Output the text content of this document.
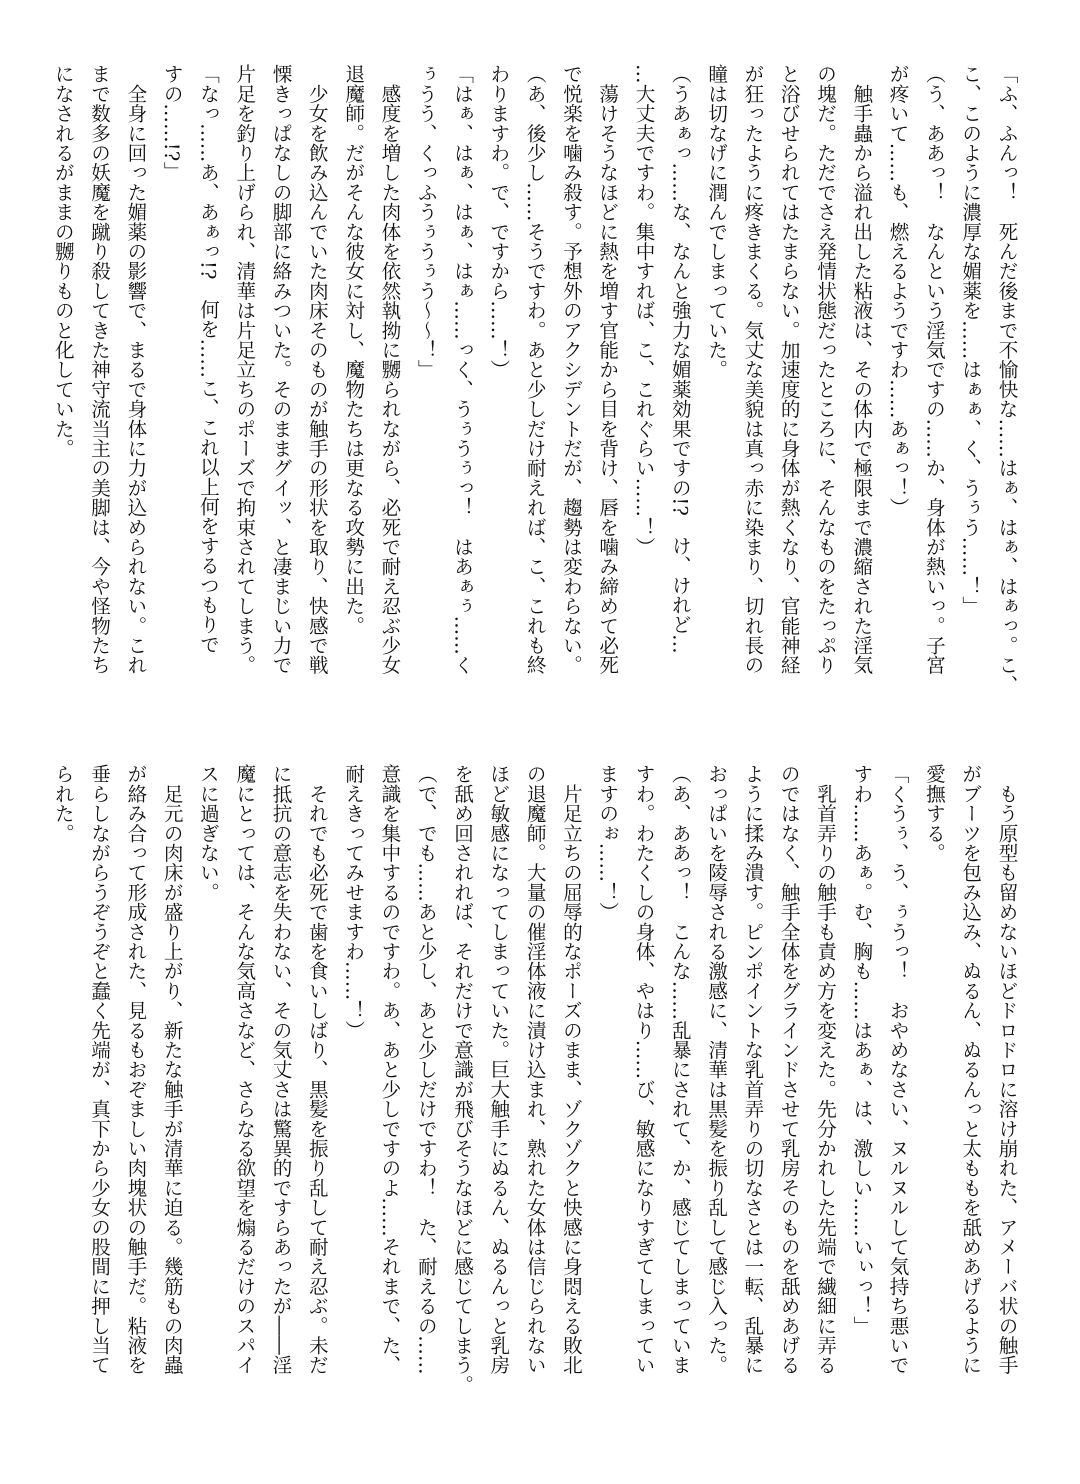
「ふ、ふんっ！　死んだ後まで不愉快な……はぁ、はぁ、はぁっ。こ、
こ、このように濃厚な媚薬を……はぁぁ、く、うぅう……！」
（う、ああっ！　なんという淫気ですの……か、身体が熱いっ。子宮
が疼いて……も、燃えるようですわ……あぁっ！）
　触手蟲から溢れ出した粘液は、その体内で極限まで濃縮された淫気
の塊だ。ただでさえ発情状態だったところに、そんなものをたっぷり
と浴びせられてはたまらない。加速度的に身体が熱くなり、官能神経
が狂ったように疼きまくる。気丈な美貌は真っ赤に染まり、切れ長の
瞳は切なげに潤んでしまっていた。
（うあぁっ……な、なんと強力な媚薬効果ですの!?　け、けれど…
…大丈夫ですわ。集中すれば、こ、これぐらい……！）
　蕩けそうなほどに熱を増す官能から目を背け、唇を噛み締めて必死
で悦楽を噛み殺す。予想外のアクシデントだが、趨勢は変わらない。
（あ、後少し……そうですわ。あと少しだけ耐えれば、こ、これも終
わりますわ。で、ですから……！）
「はぁ、はぁ、はぁ、はぁ……っく、うぅうぅっ！　はあぁぅ……く
ぅうう、くっふうぅうぅう〜〜！」
　感度を増した肉体を依然執拗に嬲られながら、必死で耐え忍ぶ少女
退魔師。だがそんな彼女に対し、魔物たちは更なる攻勢に出た。
　少女を飲み込んでいた肉床そのものが触手の形状を取り、快感で戦
慄きっぱなしの脚部に絡みついた。そのままグイッ、と凄まじい力で
片足を釣り上げられ、清華は片足立ちのポーズで拘束されてしまう。
「なっ……あ、あぁっ!?　何を……こ、これ以上何をするつもりで
すの……!?」
　全身に回った媚薬の影響で、まるで身体に力が込められない。これ
まで数多の妖魔を蹴り殺してきた神守流当主の美脚は、今や怪物たち
になされるがままの嬲りものと化していた。
　もう原型も留めないほどドロドロに溶け崩れた、アメーバ状の触手
がブーツを包み込み、ぬるん、ぬるんっと太ももを舐めあげるように
愛撫する。
「くうぅ、う、ぅうっ！　おやめなさい、ヌルヌルして気持ち悪いで
すわ……あぁ。む、胸も……はあぁ、は、激しい……いぃっ！」
　乳首弄りの触手も責め方を変えた。先分かれした先端で繊細に弄る
のではなく、触手全体をグラインドさせて乳房そのものを舐めあげる
ように揉み潰す。ピンポイントな乳首弄りの切なさとは一転、乱暴に
おっぱいを陵辱される激感に、清華は黒髪を振り乱して感じ入った。
（あ、ああっ！　こんな……乱暴にされて、か、感じてしまっていま
すわ。わたくしの身体、やはり……び、敏感になりすぎてしまってい
ますのぉ……！）
　片足立ちの屈辱的なポーズのまま、ゾクゾクと快感に身悶える敗北
の退魔師。大量の催淫体液に漬け込まれ、熟れた女体は信じられない
ほど敏感になってしまっていた。巨大触手にぬるん、ぬるんっと乳房
を舐め回されれば、それだけで意識が飛びそうなほどに感じてしまう。
（で、でも……あと少し、あと少しだけですわ！　た、耐えるの……
意識を集中するのですわ。あ、あと少しですのよ……それまで、た、
耐えきってみせますわ……！）
　それでも必死で歯を食いしばり、黒髪を振り乱して耐え忍ぶ。未だ
に抵抗の意志を失わない、その気丈さは驚異的ですらあったが――淫
魔にとっては、そんな気高さなど、さらなる欲望を煽るだけのスパイ
スに過ぎない。
　足元の肉床が盛り上がり、新たな触手が清華に迫る。幾筋もの肉蟲
が絡み合って形成された、見るもおぞましい肉塊状の触手だ。粘液を
垂らしながらうぞうぞと蠢く先端が、真下から少女の股間に押し当て
られた。
